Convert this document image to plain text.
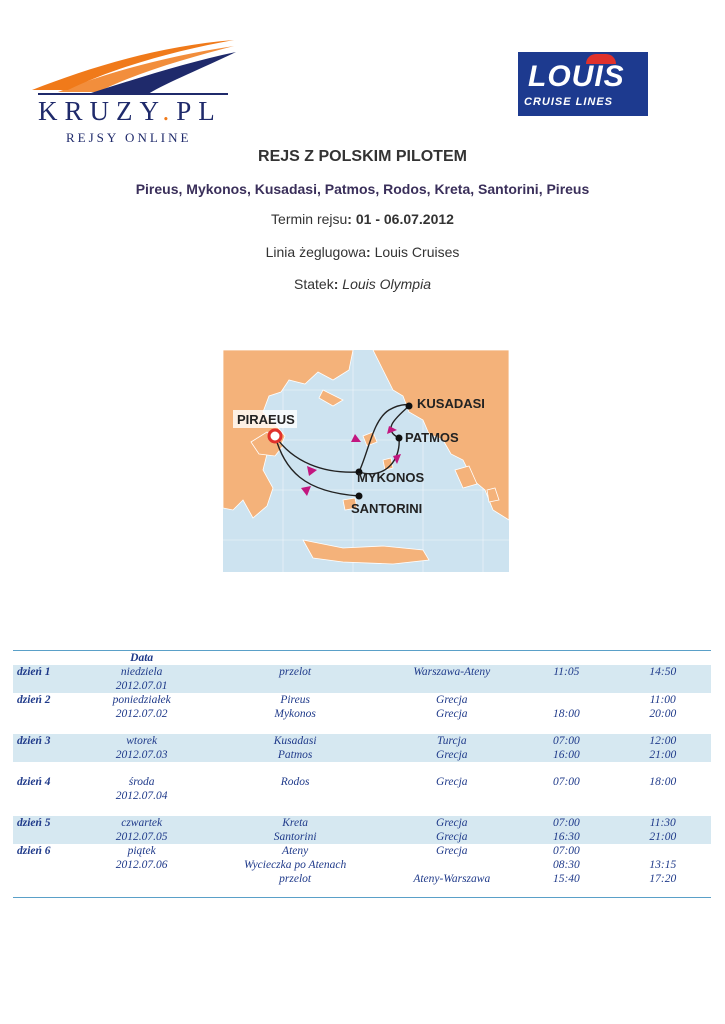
KRUZY.PL
REJSY ONLINE
LOUIS
CRUISE LINES
REJS Z POLSKIM PILOTEM
Pireus, Mykonos, Kusadasi, Patmos, Rodos, Kreta, Santorini, Pireus
Termin rejsu: 01 - 06.07.2012
Linia żeglugowa: Louis Cruises
Statek: Louis Olympia
PIRAEUS
KUSADASI
PATMOS
MYKONOS
SANTORINI
	Data				
dzień 1	niedziela	przelot	Warszawa-Ateny	11:05	14:50
	2012.07.01				
dzień 2	poniedziałek	Pireus	Grecja		11:00
	2012.07.02	Mykonos	Grecja	18:00	20:00

dzień 3	wtorek	Kusadasi	Turcja	07:00	12:00
	2012.07.03	Patmos	Grecja	16:00	21:00

dzień 4	środa	Rodos	Grecja	07:00	18:00
	2012.07.04				

dzień 5	czwartek	Kreta	Grecja	07:00	11:30
	2012.07.05	Santorini	Grecja	16:30	21:00
dzień 6	piątek	Ateny	Grecja	07:00	
	2012.07.06	Wycieczka po Atenach		08:30	13:15
		przelot	Ateny-Warszawa	15:40	17:20
